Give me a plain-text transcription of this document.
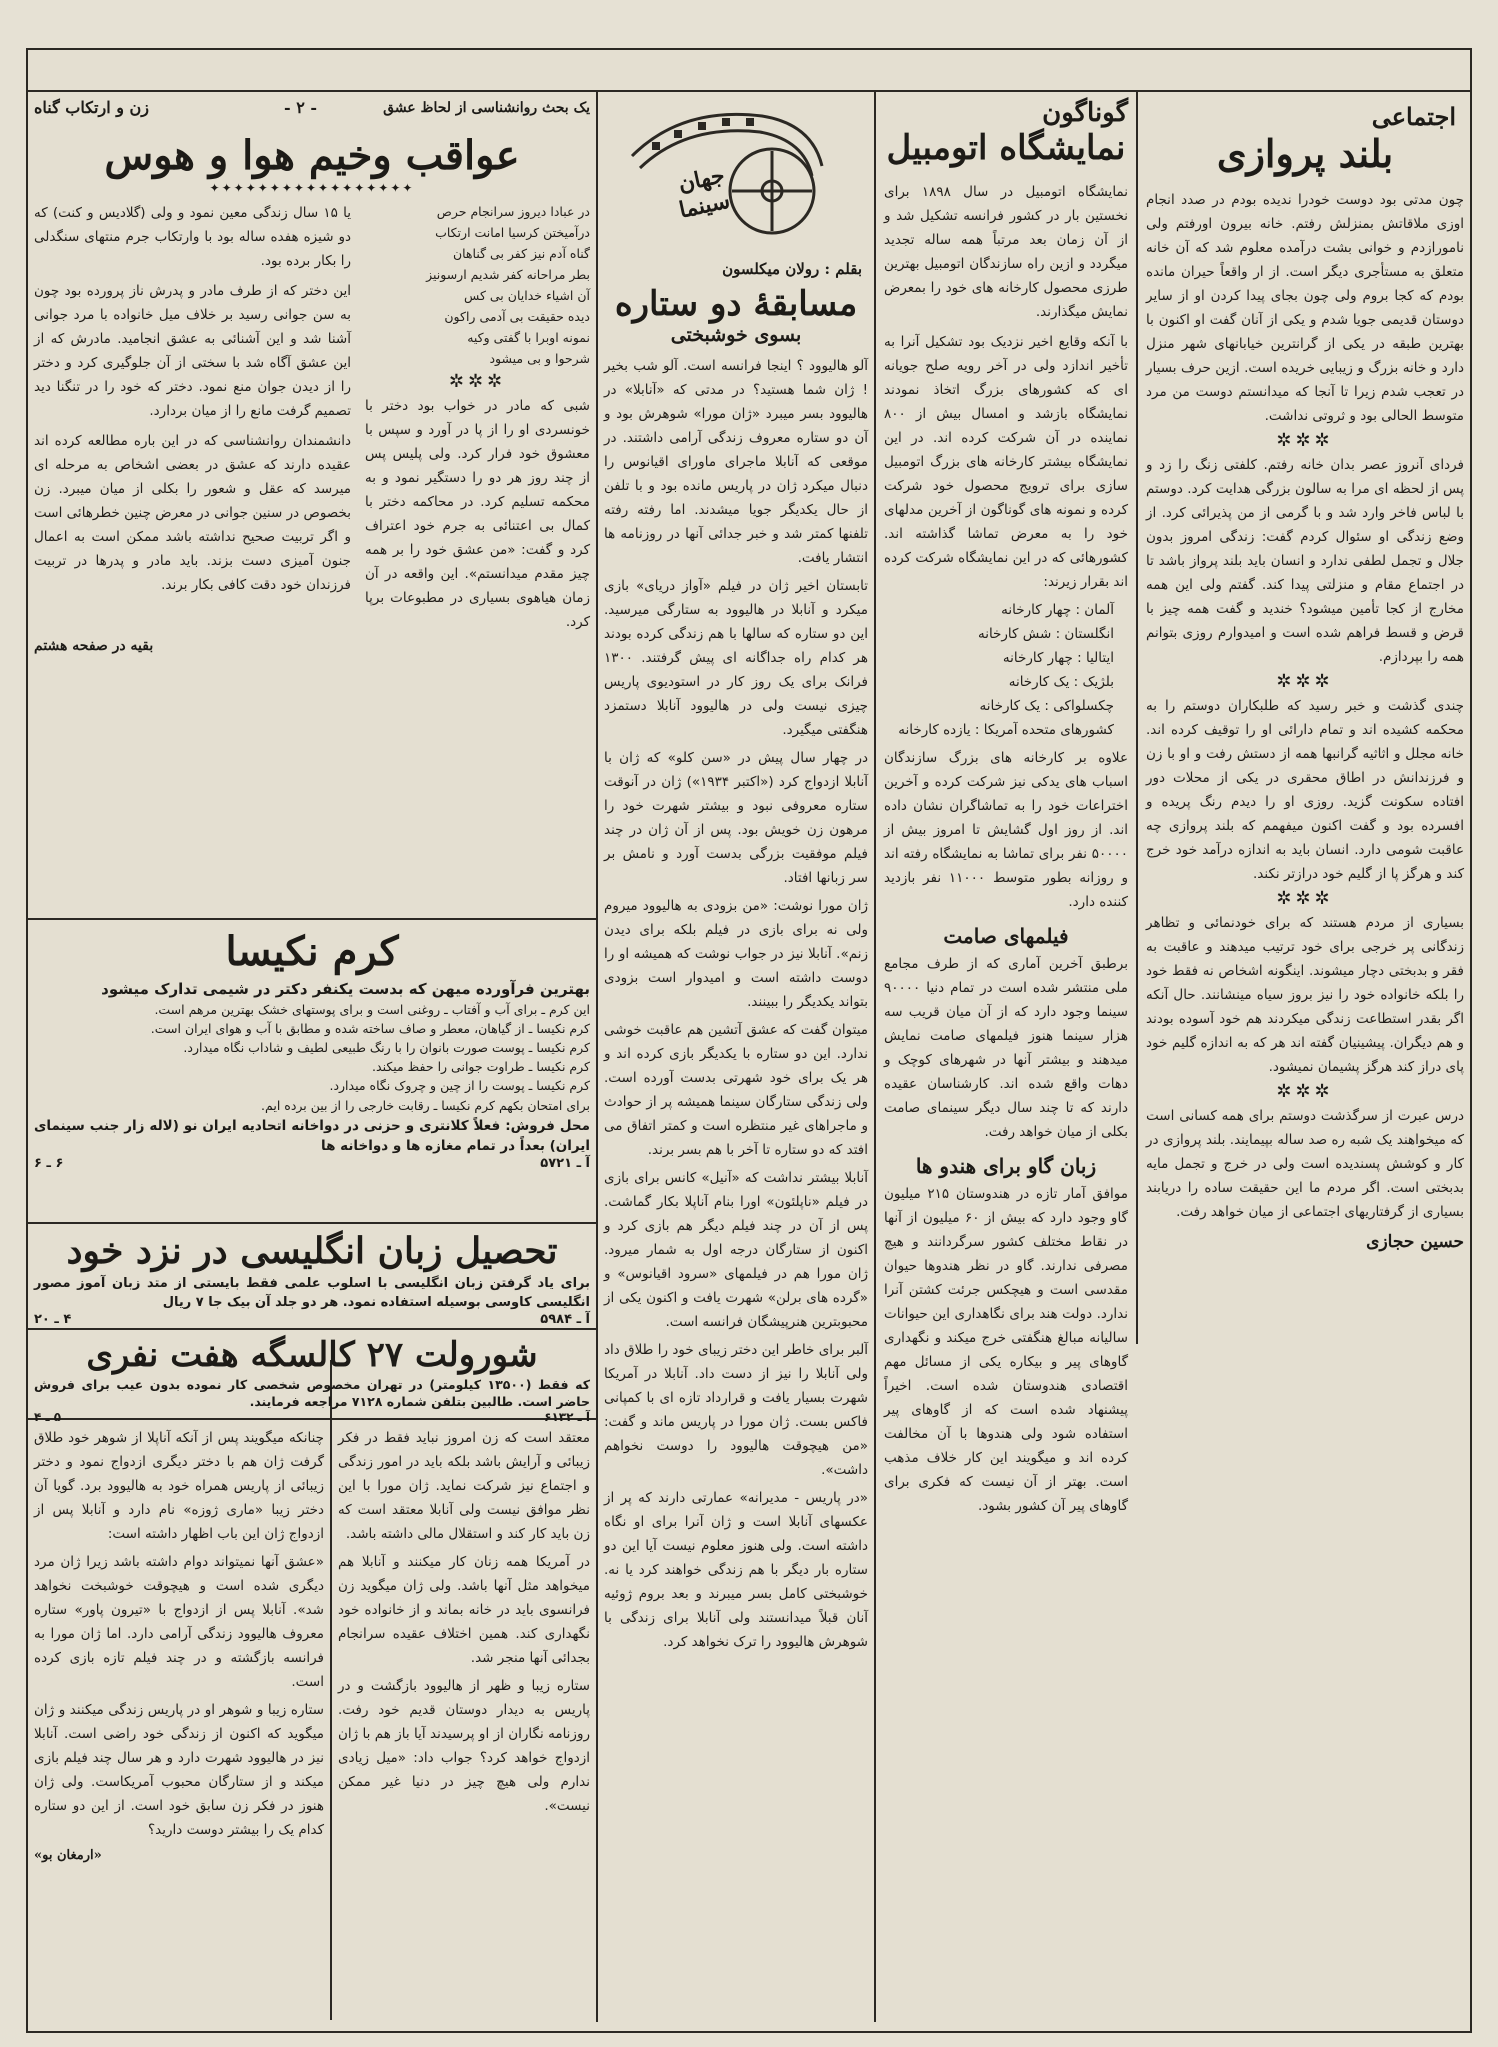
اجتماعی
بلند پروازی
چون مدتی بود دوست خودرا ندیده بودم در صدد انجام اوزی ملاقاتش بمنزلش رفتم. خانه بیرون اورفتم ولی نامورازدم و خوانی بشت درآمده معلوم شد که آن خانه متعلق به مستأجری دیگر است. از ار واقعاً حیران مانده بودم که کجا بروم ولی چون بجای پیدا کردن او از سایر دوستان قدیمی جویا شدم و یکی از آنان گفت او اکنون با بهترین طبقه در یکی از گرانترین خیابانهای شهر منزل دارد و خانه بزرگ و زیبایی خریده است. ازین حرف بسیار در تعجب شدم زیرا تا آنجا که میدانستم دوست من مرد متوسط الحالی بود و ثروتی نداشت.
✲✲✲
فردای آنروز عصر بدان خانه رفتم. کلفتی زنگ را زد و پس از لحظه ای مرا به سالون بزرگی هدایت کرد. دوستم با لباس فاخر وارد شد و با گرمی از من پذیرائی کرد. از وضع زندگی او سئوال کردم گفت: زندگی امروز بدون جلال و تجمل لطفی ندارد و انسان باید بلند پرواز باشد تا در اجتماع مقام و منزلتی پیدا کند. گفتم ولی این همه مخارج از کجا تأمین میشود؟ خندید و گفت همه چیز با قرض و قسط فراهم شده است و امیدوارم روزی بتوانم همه را بپردازم.
✲✲✲
چندی گذشت و خبر رسید که طلبکاران دوستم را به محکمه کشیده اند و تمام دارائی او را توقیف کرده اند. خانه مجلل و اثاثیه گرانبها همه از دستش رفت و او با زن و فرزندانش در اطاق محقری در یکی از محلات دور افتاده سکونت گزید. روزی او را دیدم رنگ پریده و افسرده بود و گفت اکنون میفهمم که بلند پروازی چه عاقبت شومی دارد. انسان باید به اندازه درآمد خود خرج کند و هرگز پا از گلیم خود درازتر نکند.
✲✲✲
بسیاری از مردم هستند که برای خودنمائی و تظاهر زندگانی پر خرجی برای خود ترتیب میدهند و عاقبت به فقر و بدبختی دچار میشوند. اینگونه اشخاص نه فقط خود را بلکه خانواده خود را نیز بروز سیاه مینشانند. حال آنکه اگر بقدر استطاعت زندگی میکردند هم خود آسوده بودند و هم دیگران. پیشینیان گفته اند هر که به اندازه گلیم خود پای دراز کند هرگز پشیمان نمیشود.
✲✲✲
درس عبرت از سرگذشت دوستم برای همه کسانی است که میخواهند یک شبه ره صد ساله بپیمایند. بلند پروازی در کار و کوشش پسندیده است ولی در خرج و تجمل مایه بدبختی است. اگر مردم ما این حقیقت ساده را دریابند بسیاری از گرفتاریهای اجتماعی از میان خواهد رفت.
حسین حجازی
گوناگون
نمایشگاه اتومبیل
نمایشگاه اتومبیل در سال ۱۸۹۸ برای نخستین بار در کشور فرانسه تشکیل شد و از آن زمان بعد مرتباً همه ساله تجدید میگردد و ازین راه سازندگان اتومبیل بهترین طرزی محصول کارخانه های خود را بمعرض نمایش میگذارند.
با آنکه وقایع اخیر نزدیک بود تشکیل آنرا به تأخیر اندازد ولی در آخر رویه صلح جویانه ای که کشورهای بزرگ اتخاذ نمودند نمایشگاه بازشد و امسال بیش از ۸۰۰ نماینده در آن شرکت کرده اند. در این نمایشگاه بیشتر کارخانه های بزرگ اتومبیل سازی برای ترویج محصول خود شرکت کرده و نمونه های گوناگون از آخرین مدلهای خود را به معرض تماشا گذاشته اند. کشورهائی که در این نمایشگاه شرکت کرده اند بقرار زیرند:
آلمان : چهار کارخانه
انگلستان : شش کارخانه
ایتالیا : چهار کارخانه
بلژیک : یک کارخانه
چکسلواکی : یک کارخانه
کشورهای متحده آمریکا : یازده کارخانه
علاوه بر کارخانه های بزرگ سازندگان اسباب های یدکی نیز شرکت کرده و آخرین اختراعات خود را به تماشاگران نشان داده اند. از روز اول گشایش تا امروز بیش از ۵۰۰۰۰ نفر برای تماشا به نمایشگاه رفته اند و روزانه بطور متوسط ۱۱۰۰۰ نفر بازدید کننده دارد.
فیلمهای صامت
برطبق آخرین آماری که از طرف مجامع ملی منتشر شده است در تمام دنیا ۹۰۰۰۰ سینما وجود دارد که از آن میان قریب سه هزار سینما هنوز فیلمهای صامت نمایش میدهند و بیشتر آنها در شهرهای کوچک و دهات واقع شده اند. کارشناسان عقیده دارند که تا چند سال دیگر سینمای صامت بکلی از میان خواهد رفت.
زبان گاو برای هندو ها
موافق آمار تازه در هندوستان ۲۱۵ میلیون گاو وجود دارد که بیش از ۶۰ میلیون از آنها در نقاط مختلف کشور سرگردانند و هیچ مصرفی ندارند. گاو در نظر هندوها حیوان مقدسی است و هیچکس جرئت کشتن آنرا ندارد. دولت هند برای نگاهداری این حیوانات سالیانه مبالغ هنگفتی خرج میکند و نگهداری گاوهای پیر و بیکاره یکی از مسائل مهم اقتصادی هندوستان شده است. اخیراً پیشنهاد شده است که از گاوهای پیر استفاده شود ولی هندوها با آن مخالفت کرده اند و میگویند این کار خلاف مذهب است. بهتر از آن نیست که فکری برای گاوهای پیر آن کشور بشود.
جهان سینما
بقلم : رولان میکلسون
مسابقهٔ دو ستاره
بسوی خوشبختی
آلو هالیوود ؟ اینجا فرانسه است. آلو شب بخیر ! ژان شما هستید؟ در مدتی که «آنابلا» در هالیوود بسر میبرد «ژان مورا» شوهرش بود و آن دو ستاره معروف زندگی آرامی داشتند. در موقعی که آنابلا ماجرای ماورای اقیانوس را دنبال میکرد ژان در پاریس مانده بود و با تلفن از حال یکدیگر جویا میشدند. اما رفته رفته تلفنها کمتر شد و خبر جدائی آنها در روزنامه ها انتشار یافت.
تابستان اخیر ژان در فیلم «آواز دریای» بازی میکرد و آنابلا در هالیوود به ستارگی میرسید. این دو ستاره که سالها با هم زندگی کرده بودند هر کدام راه جداگانه ای پیش گرفتند. ۱۳۰۰ فرانک برای یک روز کار در استودیوی پاریس چیزی نیست ولی در هالیوود آنابلا دستمزد هنگفتی میگیرد.
در چهار سال پیش در «سن کلو» که ژان با آنابلا ازدواج کرد («اکتبر ۱۹۳۴») ژان در آنوقت ستاره معروفی نبود و بیشتر شهرت خود را مرهون زن خویش بود. پس از آن ژان در چند فیلم موفقیت بزرگی بدست آورد و نامش بر سر زبانها افتاد.
ژان مورا نوشت: «من بزودی به هالیوود میروم ولی نه برای بازی در فیلم بلکه برای دیدن زنم». آنابلا نیز در جواب نوشت که همیشه او را دوست داشته است و امیدوار است بزودی بتواند یکدیگر را ببینند.
میتوان گفت که عشق آتشین هم عاقبت خوشی ندارد. این دو ستاره با یکدیگر بازی کرده اند و هر یک برای خود شهرتی بدست آورده است. ولی زندگی ستارگان سینما همیشه پر از حوادث و ماجراهای غیر منتظره است و کمتر اتفاق می افتد که دو ستاره تا آخر با هم بسر برند.
آنابلا بیشتر نداشت که «آنیل» کانس برای بازی در فیلم «ناپلئون» اورا بنام آناپلا بکار گماشت. پس از آن در چند فیلم دیگر هم بازی کرد و اکنون از ستارگان درجه اول به شمار میرود. ژان مورا هم در فیلمهای «سرود اقیانوس» و «گرده های برلن» شهرت یافت و اکنون یکی از محبوبترین هنرپیشگان فرانسه است.
آلبر برای خاطر این دختر زیبای خود را طلاق داد ولی آنابلا را نیز از دست داد. آنابلا در آمریکا شهرت بسیار یافت و قرارداد تازه ای با کمپانی فاکس بست. ژان مورا در پاریس ماند و گفت: «من هیچوقت هالیوود را دوست نخواهم داشت».
«در پاریس - مدیرانه» عمارتی دارند که پر از عکسهای آنابلا است و ژان آنرا برای او نگاه داشته است. ولی هنوز معلوم نیست آیا این دو ستاره بار دیگر با هم زندگی خواهند کرد یا نه. خوشبختی کامل بسر میبرند و بعد بروم ژوئیه آنان قبلاً میدانستند ولی آنابلا برای زندگی با شوهرش هالیوود را ترک نخواهد کرد.
یک بحث روانشناسی از لحاظ عشق
- ۲ -
زن و ارتکاب گناه
عواقب وخیم هوا و هوس
✦✦✦✦✦✦✦✦✦✦✦✦✦✦✦✦✦
در عبادا دیروز سرانجام حرص
درآمیختن کرسیا امانت ارتکاب
گناه آدم نیز کفر بی گناهان
بطر مراحانه کفر شدیم ارسونیز
آن اشیاء خدایان بی کس
دیده حقیقت بی آدمی راکون
نمونه اوبرا با گفتی وکیه
شرحوا و بی میشود
✲✲✲
شبی که مادر در خواب بود دختر با خونسردی او را از پا در آورد و سپس با معشوق خود فرار کرد. ولی پلیس پس از چند روز هر دو را دستگیر نمود و به محکمه تسلیم کرد. در محاکمه دختر با کمال بی اعتنائی به جرم خود اعتراف کرد و گفت: «من عشق خود را بر همه چیز مقدم میدانستم». این واقعه در آن زمان هیاهوی بسیاری در مطبوعات برپا کرد.
یا ۱۵ سال زندگی معین نمود و ولی (گلادیس و کنت) که دو شیزه هفده ساله بود با وارتکاب جرم منتهای سنگدلی را بکار برده بود.
این دختر که از طرف مادر و پدرش ناز پرورده بود چون به سن جوانی رسید بر خلاف میل خانواده با مرد جوانی آشنا شد و این آشنائی به عشق انجامید. مادرش که از این عشق آگاه شد با سختی از آن جلوگیری کرد و دختر را از دیدن جوان منع نمود. دختر که خود را در تنگنا دید تصمیم گرفت مانع را از میان بردارد.
دانشمندان روانشناسی که در این باره مطالعه کرده اند عقیده دارند که عشق در بعضی اشخاص به مرحله ای میرسد که عقل و شعور را بکلی از میان میبرد. زن بخصوص در سنین جوانی در معرض چنین خطرهائی است و اگر تربیت صحیح نداشته باشد ممکن است به اعمال جنون آمیزی دست بزند. باید مادر و پدرها در تربیت فرزندان خود دقت کافی بکار برند.
بقیه در صفحه هشتم
کرم نکیسا
بهترین فرآورده میهن که بدست یکنفر دکتر در شیمی تدارک میشود
این کرم ـ برای آب و آفتاب ـ روغنی است و برای پوستهای خشک بهترین مرهم است.
کرم نکیسا ـ از گیاهان، معطر و صاف ساخته شده و مطابق با آب و هوای ایران است.
کرم نکیسا ـ پوست صورت بانوان را با رنگ طبیعی لطیف و شاداب نگاه میدارد.
کرم نکیسا ـ طراوت جوانی را حفظ میکند.
کرم نکیسا ـ پوست را از چین و چروک نگاه میدارد.
برای امتحان بکهم کرم نکیسا ـ رقابت خارجی را از بین برده ایم.
محل فروش: فعلاً کلانتری و حزنی در دواخانه اتحادیه ایران نو (لاله زار جنب سینمای ایران) بعداً در تمام مغازه ها و دواخانه ها
آ ـ ۵۷۲۱
۶ ـ ۶
تحصیل زبان انگلیسی در نزد خود
برای یاد گرفتن زبان انگلیسی با اسلوب علمی فقط بایستی از متد زبان آموز مصور انگلیسی کاوسی بوسیله استفاده نمود. هر دو جلد آن بیک جا ۷ ریال
آ ـ ۵۹۸۴
۴ ـ ۲۰
شورولت ۲۷ کالسگه هفت نفری
که فقط (۱۳۵۰۰ کیلومتر) در تهران مخصوص شخصی کار نموده بدون عیب برای فروش حاضر است. طالبین بتلفن شماره ۷۱۲۸ مراجعه فرمایند.
آ ـ ۶۱۳۲
۵ ـ ۴
معتقد است که زن امروز نباید فقط در فکر زیبائی و آرایش باشد بلکه باید در امور زندگی و اجتماع نیز شرکت نماید. ژان مورا با این نظر موافق نیست ولی آنابلا معتقد است که زن باید کار کند و استقلال مالی داشته باشد.
در آمریکا همه زنان کار میکنند و آنابلا هم میخواهد مثل آنها باشد. ولی ژان میگوید زن فرانسوی باید در خانه بماند و از خانواده خود نگهداری کند. همین اختلاف عقیده سرانجام بجدائی آنها منجر شد.
ستاره زیبا و ظهر از هالیوود بازگشت و در پاریس به دیدار دوستان قدیم خود رفت. روزنامه نگاران از او پرسیدند آیا باز هم با ژان ازدواج خواهد کرد؟ جواب داد: «میل زیادی ندارم ولی هیچ چیز در دنیا غیر ممکن نیست».
چنانکه میگویند پس از آنکه آناپلا از شوهر خود طلاق گرفت ژان هم با دختر دیگری ازدواج نمود و دختر زیبائی از پاریس همراه خود به هالیوود برد. گویا آن دختر زیبا «ماری ژوزه» نام دارد و آنابلا پس از ازدواج ژان این باب اظهار داشته است:
«عشق آنها نمیتواند دوام داشته باشد زیرا ژان مرد دیگری شده است و هیچوقت خوشبخت نخواهد شد». آنابلا پس از ازدواج با «تیرون پاور» ستاره معروف هالیوود زندگی آرامی دارد. اما ژان مورا به فرانسه بازگشته و در چند فیلم تازه بازی کرده است.
ستاره زیبا و شوهر او در پاریس زندگی میکنند و ژان میگوید که اکنون از زندگی خود راضی است. آنابلا نیز در هالیوود شهرت دارد و هر سال چند فیلم بازی میکند و از ستارگان محبوب آمریکاست. ولی ژان هنوز در فکر زن سابق خود است. از این دو ستاره کدام یک را بیشتر دوست دارید؟
«ارمغان بو»
